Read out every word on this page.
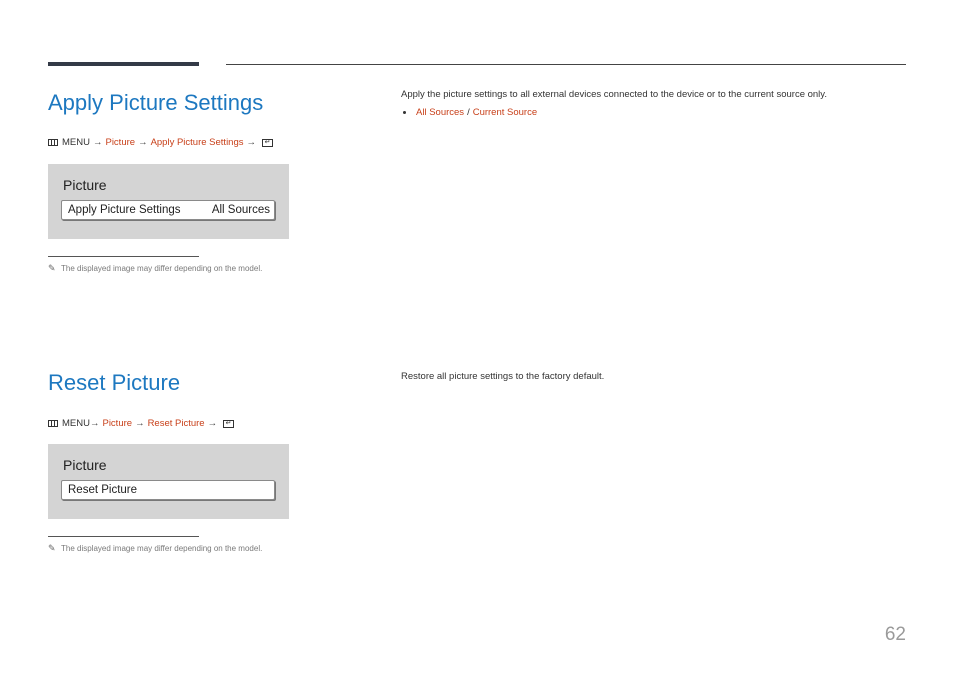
Apply Picture Settings
MENU → Picture → Apply Picture Settings →	↵
Picture
Apply Picture Settings	All Sources
✎ The displayed image may differ depending on the model.
Apply the picture settings to all external devices connected to the device or to the current source only.
All Sources / Current Source
Reset Picture
MENU → Picture → Reset Picture →	↵
Picture
Reset Picture
✎ The displayed image may differ depending on the model.
Restore all picture settings to the factory default.
62
